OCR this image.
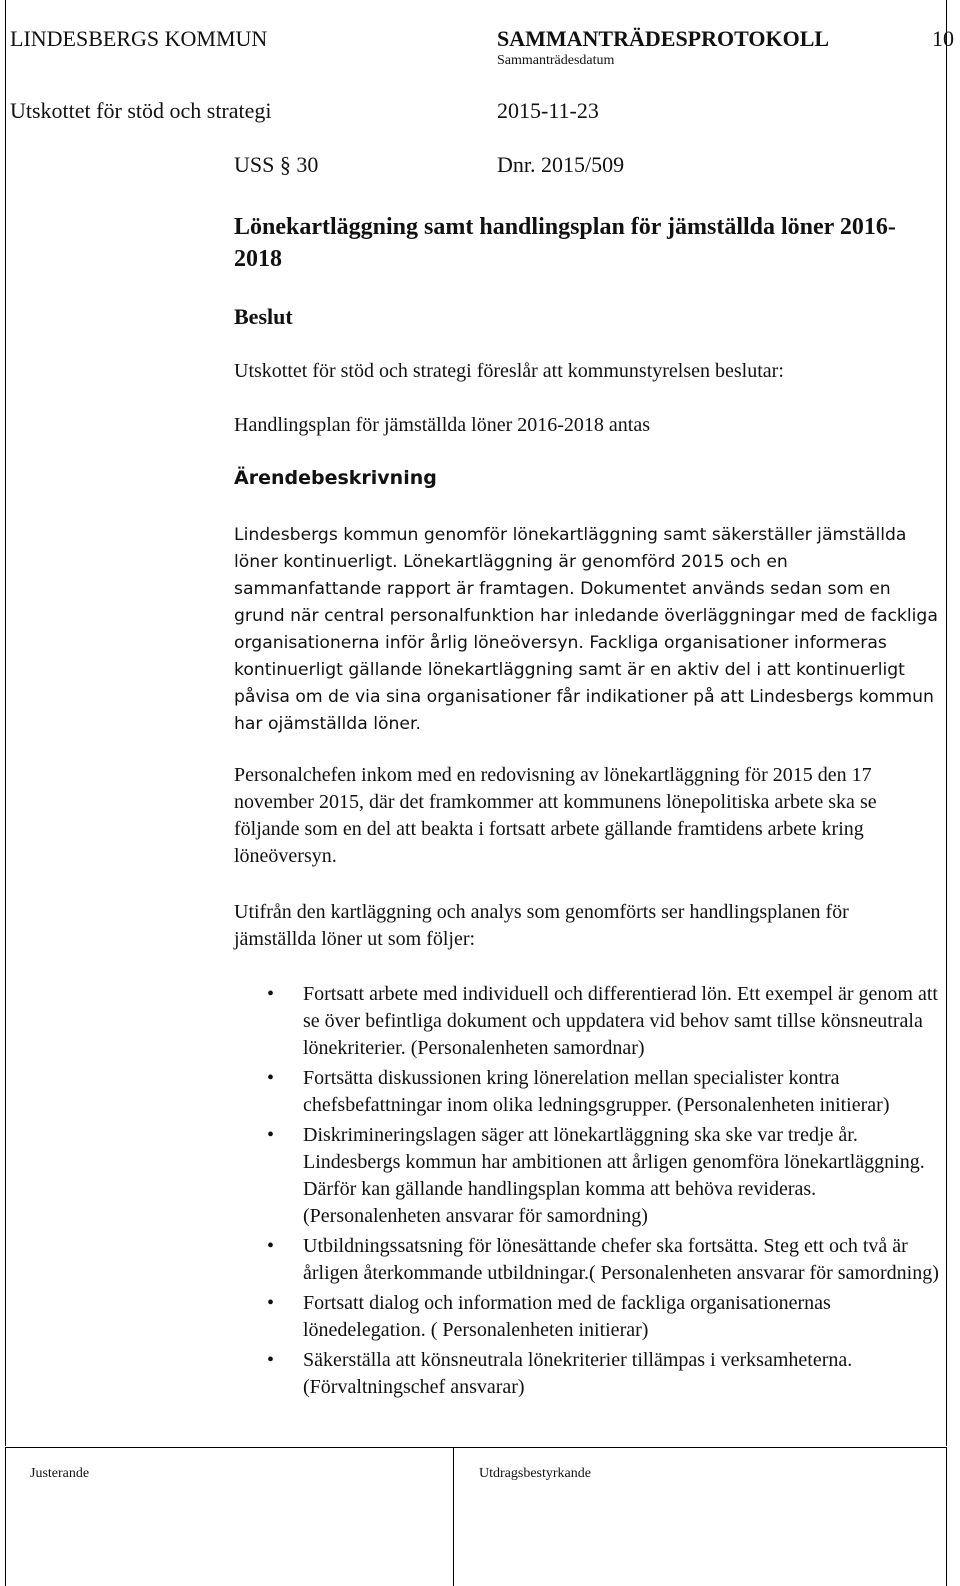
LINDESBERGS KOMMUN	SAMMANTRÄDESPROTOKOLL	10
Sammanträdesdatum
Utskottet för stöd och strategi	2015-11-23
USS § 30	Dnr. 2015/509
Lönekartläggning samt handlingsplan för jämställda löner 2016-2018
Beslut
Utskottet för stöd och strategi föreslår att kommunstyrelsen beslutar:
Handlingsplan för jämställda löner 2016-2018 antas
Ärendebeskrivning
Lindesbergs kommun genomför lönekartläggning samt säkerställer jämställda löner kontinuerligt. Lönekartläggning är genomförd 2015 och en sammanfattande rapport är framtagen. Dokumentet används sedan som en grund när central personalfunktion har inledande överläggningar med de fackliga organisationerna inför årlig löneöversyn. Fackliga organisationer informeras kontinuerligt gällande lönekartläggning samt är en aktiv del i att kontinuerligt påvisa om de via sina organisationer får indikationer på att Lindesbergs kommun har ojämställda löner.
Personalchefen inkom med en redovisning av lönekartläggning för 2015 den 17 november 2015, där det framkommer att kommunens lönepolitiska arbete ska se följande som en del att beakta i fortsatt arbete gällande framtidens arbete kring löneöversyn.
Utifrån den kartläggning och analys som genomförts ser handlingsplanen för jämställda löner ut som följer:
• Fortsatt arbete med individuell och differentierad lön. Ett exempel är genom att se över befintliga dokument och uppdatera vid behov samt tillse könsneutrala lönekriterier. (Personalenheten samordnar)
• Fortsätta diskussionen kring lönerelation mellan specialister kontra chefsbefattningar inom olika ledningsgrupper. (Personalenheten initierar)
• Diskrimineringslagen säger att lönekartläggning ska ske var tredje år. Lindesbergs kommun har ambitionen att årligen genomföra lönekartläggning. Därför kan gällande handlingsplan komma att behöva revideras. (Personalenheten ansvarar för samordning)
• Utbildningssatsning för lönesättande chefer ska fortsätta. Steg ett och två är årligen återkommande utbildningar.( Personalenheten ansvarar för samordning)
• Fortsatt dialog och information med de fackliga organisationernas lönedelegation. ( Personalenheten initierar)
• Säkerställa att könsneutrala lönekriterier tillämpas i verksamheterna. (Förvaltningschef ansvarar)
Justerande	Utdragsbestyrkande
